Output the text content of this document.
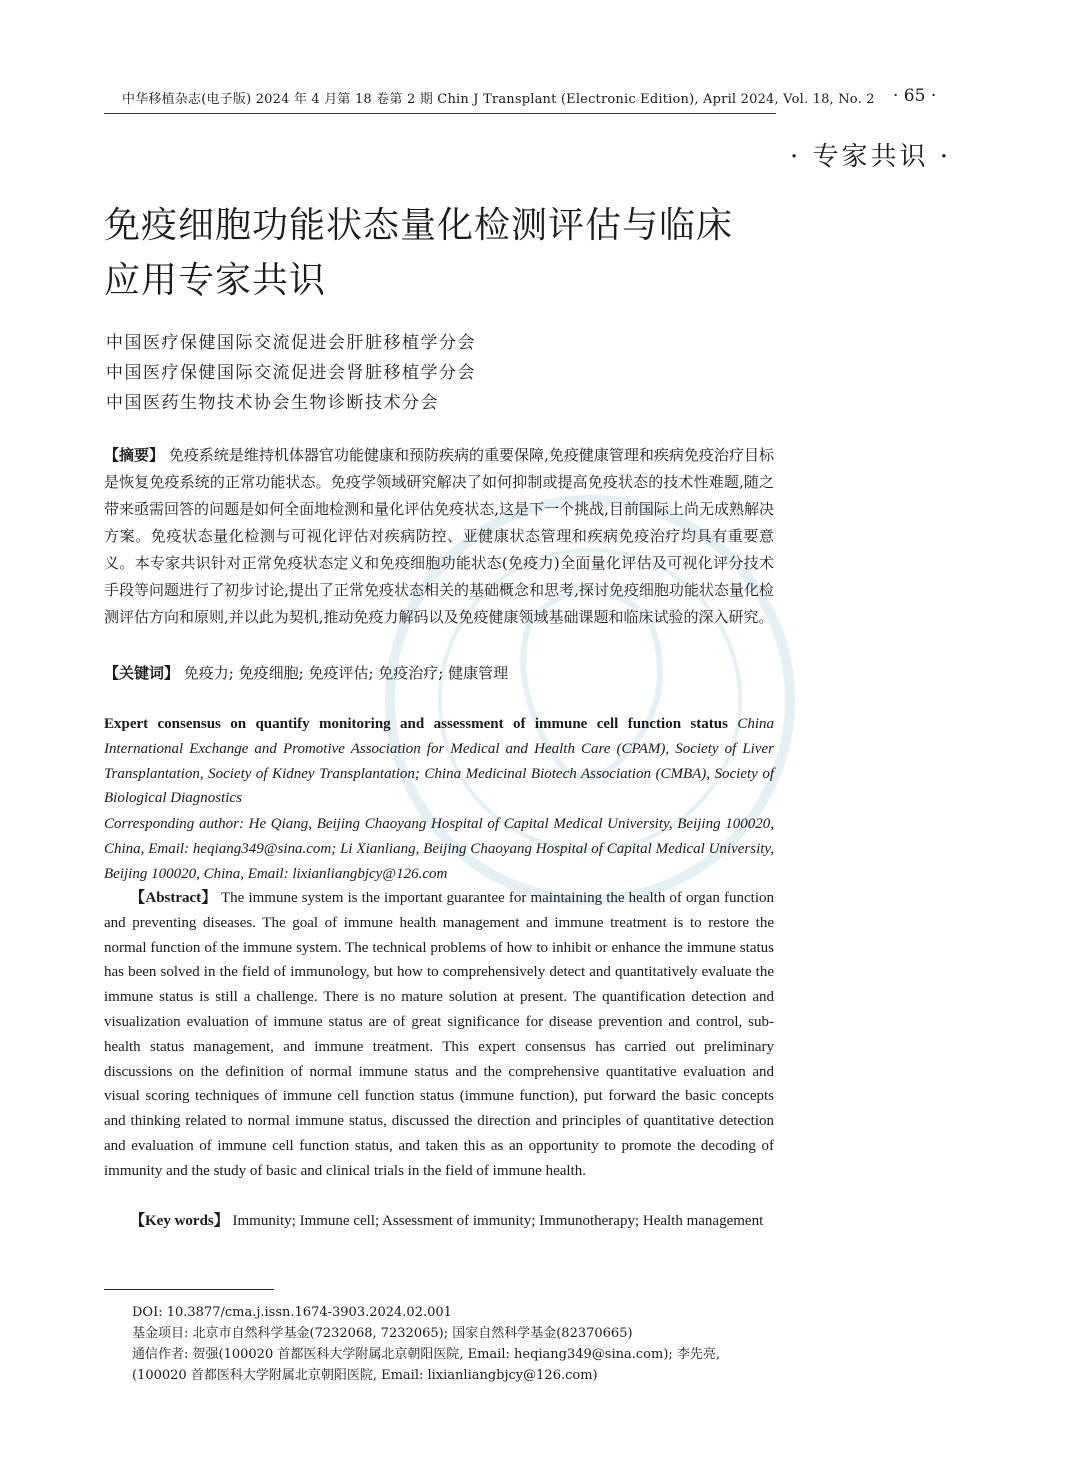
中华移植杂志(电子版) 2024 年 4 月第 18 卷第 2 期 Chin J Transplant (Electronic Edition), April 2024, Vol. 18, No. 2 · 65 ·
· 专家共识 ·
免疫细胞功能状态量化检测评估与临床
应用专家共识
中国医疗保健国际交流促进会肝脏移植学分会
中国医疗保健国际交流促进会肾脏移植学分会
中国医药生物技术协会生物诊断技术分会
【摘要】 免疫系统是维持机体器官功能健康和预防疾病的重要保障,免疫健康管理和疾病免疫治疗目标是恢复免疫系统的正常功能状态。免疫学领域研究解决了如何抑制或提高免疫状态的技术性难题,随之带来亟需回答的问题是如何全面地检测和量化评估免疫状态,这是下一个挑战,目前国际上尚无成熟解决方案。免疫状态量化检测与可视化评估对疾病防控、亚健康状态管理和疾病免疫治疗均具有重要意义。本专家共识针对正常免疫状态定义和免疫细胞功能状态(免疫力)全面量化评估及可视化评分技术手段等问题进行了初步讨论,提出了正常免疫状态相关的基础概念和思考,探讨免疫细胞功能状态量化检测评估方向和原则,并以此为契机,推动免疫力解码以及免疫健康领域基础课题和临床试验的深入研究。
【关键词】 免疫力; 免疫细胞; 免疫评估; 免疫治疗; 健康管理
Expert consensus on quantify monitoring and assessment of immune cell function status China International Exchange and Promotive Association for Medical and Health Care (CPAM), Society of Liver Transplantation, Society of Kidney Transplantation; China Medicinal Biotech Association (CMBA), Society of Biological Diagnostics
Corresponding author: He Qiang, Beijing Chaoyang Hospital of Capital Medical University, Beijing 100020, China, Email: heqiang349@sina.com; Li Xianliang, Beijing Chaoyang Hospital of Capital Medical University, Beijing 100020, China, Email: lixianliangbjcy@126.com
【Abstract】 The immune system is the important guarantee for maintaining the health of organ function and preventing diseases. The goal of immune health management and immune treatment is to restore the normal function of the immune system. The technical problems of how to inhibit or enhance the immune status has been solved in the field of immunology, but how to comprehensively detect and quantitatively evaluate the immune status is still a challenge. There is no mature solution at present. The quantification detection and visualization evaluation of immune status are of great significance for disease prevention and control, sub-health status management, and immune treatment. This expert consensus has carried out preliminary discussions on the definition of normal immune status and the comprehensive quantitative evaluation and visual scoring techniques of immune cell function status (immune function), put forward the basic concepts and thinking related to normal immune status, discussed the direction and principles of quantitative detection and evaluation of immune cell function status, and taken this as an opportunity to promote the decoding of immunity and the study of basic and clinical trials in the field of immune health.
【Key words】 Immunity; Immune cell; Assessment of immunity; Immunotherapy; Health management
DOI: 10.3877/cma.j.issn.1674-3903.2024.02.001
基金项目: 北京市自然科学基金(7232068, 7232065); 国家自然科学基金(82370665)
通信作者: 贺强(100020 首都医科大学附属北京朝阳医院, Email: heqiang349@sina.com); 李先亮, (100020 首都医科大学附属北京朝阳医院, Email: lixianliangbjcy@126.com)
